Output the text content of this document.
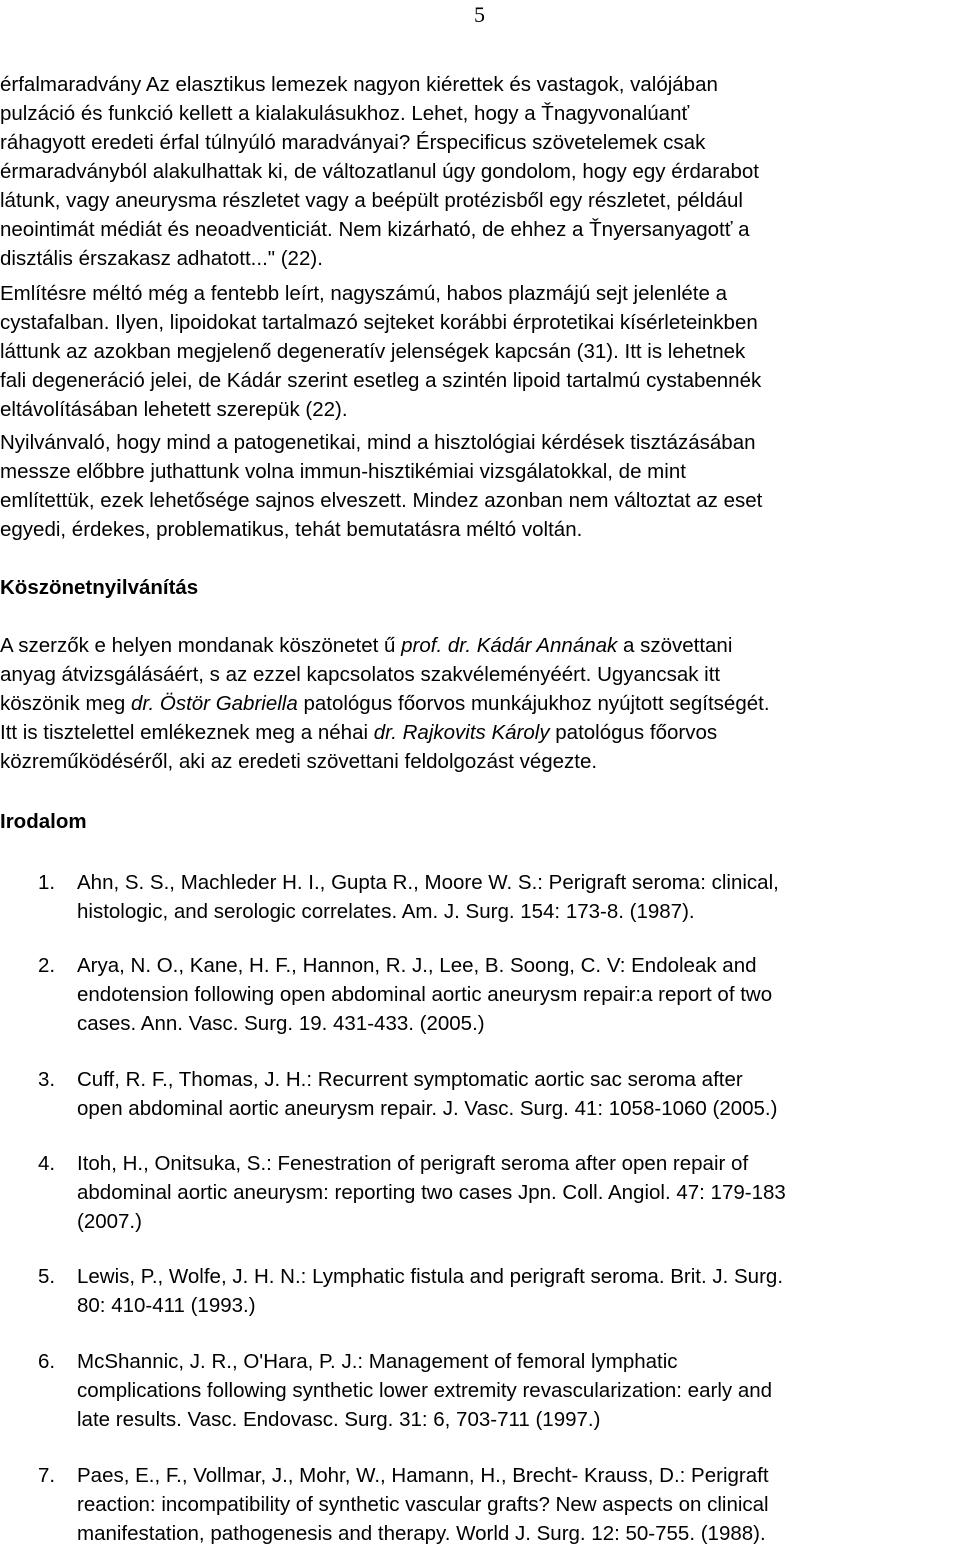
5
érfalmaradvány Az elasztikus lemezek nagyon kiérettek és vastagok, valójában
pulzáció és funkció kellett a kialakulásukhoz. Lehet, hogy a Ťnagyvonalúanť
ráhagyott eredeti érfal túlnyúló maradványai? Érspecificus szövetelemek csak
érmaradványból alakulhattak ki, de változatlanul úgy gondolom, hogy egy érdarabot
látunk, vagy aneurysma részletet vagy a beépült protézisből egy részletet, például
neointimát médiát és neoadventiciát. Nem kizárható, de ehhez a Ťnyersanyagotť a
disztális érszakasz adhatott..." (22).
Említésre méltó még a fentebb leírt, nagyszámú, habos plazmájú sejt jelenléte a
cystafalban. Ilyen, lipoidokat tartalmazó sejteket korábbi érprotetikai kísérleteinkben
láttunk az azokban megjelenő degeneratív jelenségek kapcsán (31). Itt is lehetnek
fali degeneráció jelei, de Kádár szerint esetleg a szintén lipoid tartalmú cystabennék
eltávolításában lehetett szerepük (22).
Nyilvánvaló, hogy mind a patogenetikai, mind a hisztológiai kérdések tisztázásában
messze előbbre juthattunk volna immun-hisztikémiai vizsgálatokkal, de mint
említettük, ezek lehetősége sajnos elveszett. Mindez azonban nem változtat az eset
egyedi, érdekes, problematikus, tehát bemutatásra méltó voltán.
Köszönetnyilvánítás
A szerzők e helyen mondanak köszönetet ű prof. dr. Kádár Annának a szövettani
anyag átvizsgálásáért, s az ezzel kapcsolatos szakvéleményéért. Ugyancsak itt
köszönik meg dr. Östör Gabriella patológus főorvos munkájukhoz nyújtott segítségét.
Itt is tisztelettel emlékeznek meg a néhai dr. Rajkovits Károly patológus főorvos
közreműködéséről, aki az eredeti szövettani feldolgozást végezte.
Irodalom
1. Ahn, S. S., Machleder H. I., Gupta R., Moore W. S.: Perigraft seroma: clinical,
histologic, and serologic correlates. Am. J. Surg. 154: 173-8. (1987).
2. Arya, N. O., Kane, H. F., Hannon, R. J., Lee, B. Soong, C. V: Endoleak and
endotension following open abdominal aortic aneurysm repair:a report of two
cases. Ann. Vasc. Surg. 19. 431-433. (2005.)
3. Cuff, R. F., Thomas, J. H.: Recurrent symptomatic aortic sac seroma after
open abdominal aortic aneurysm repair. J. Vasc. Surg. 41: 1058-1060 (2005.)
4. Itoh, H., Onitsuka, S.: Fenestration of perigraft seroma after open repair of
abdominal aortic aneurysm: reporting two cases Jpn. Coll. Angiol. 47: 179-183
(2007.)
5. Lewis, P., Wolfe, J. H. N.: Lymphatic fistula and perigraft seroma. Brit. J. Surg.
80: 410-411 (1993.)
6. McShannic, J. R., O'Hara, P. J.: Management of femoral lymphatic
complications following synthetic lower extremity revascularization: early and
late results. Vasc. Endovasc. Surg. 31: 6, 703-711 (1997.)
7. Paes, E., F., Vollmar, J., Mohr, W., Hamann, H., Brecht- Krauss, D.: Perigraft
reaction: incompatibility of synthetic vascular grafts? New aspects on clinical
manifestation, pathogenesis and therapy. World J. Surg. 12: 50-755. (1988).
